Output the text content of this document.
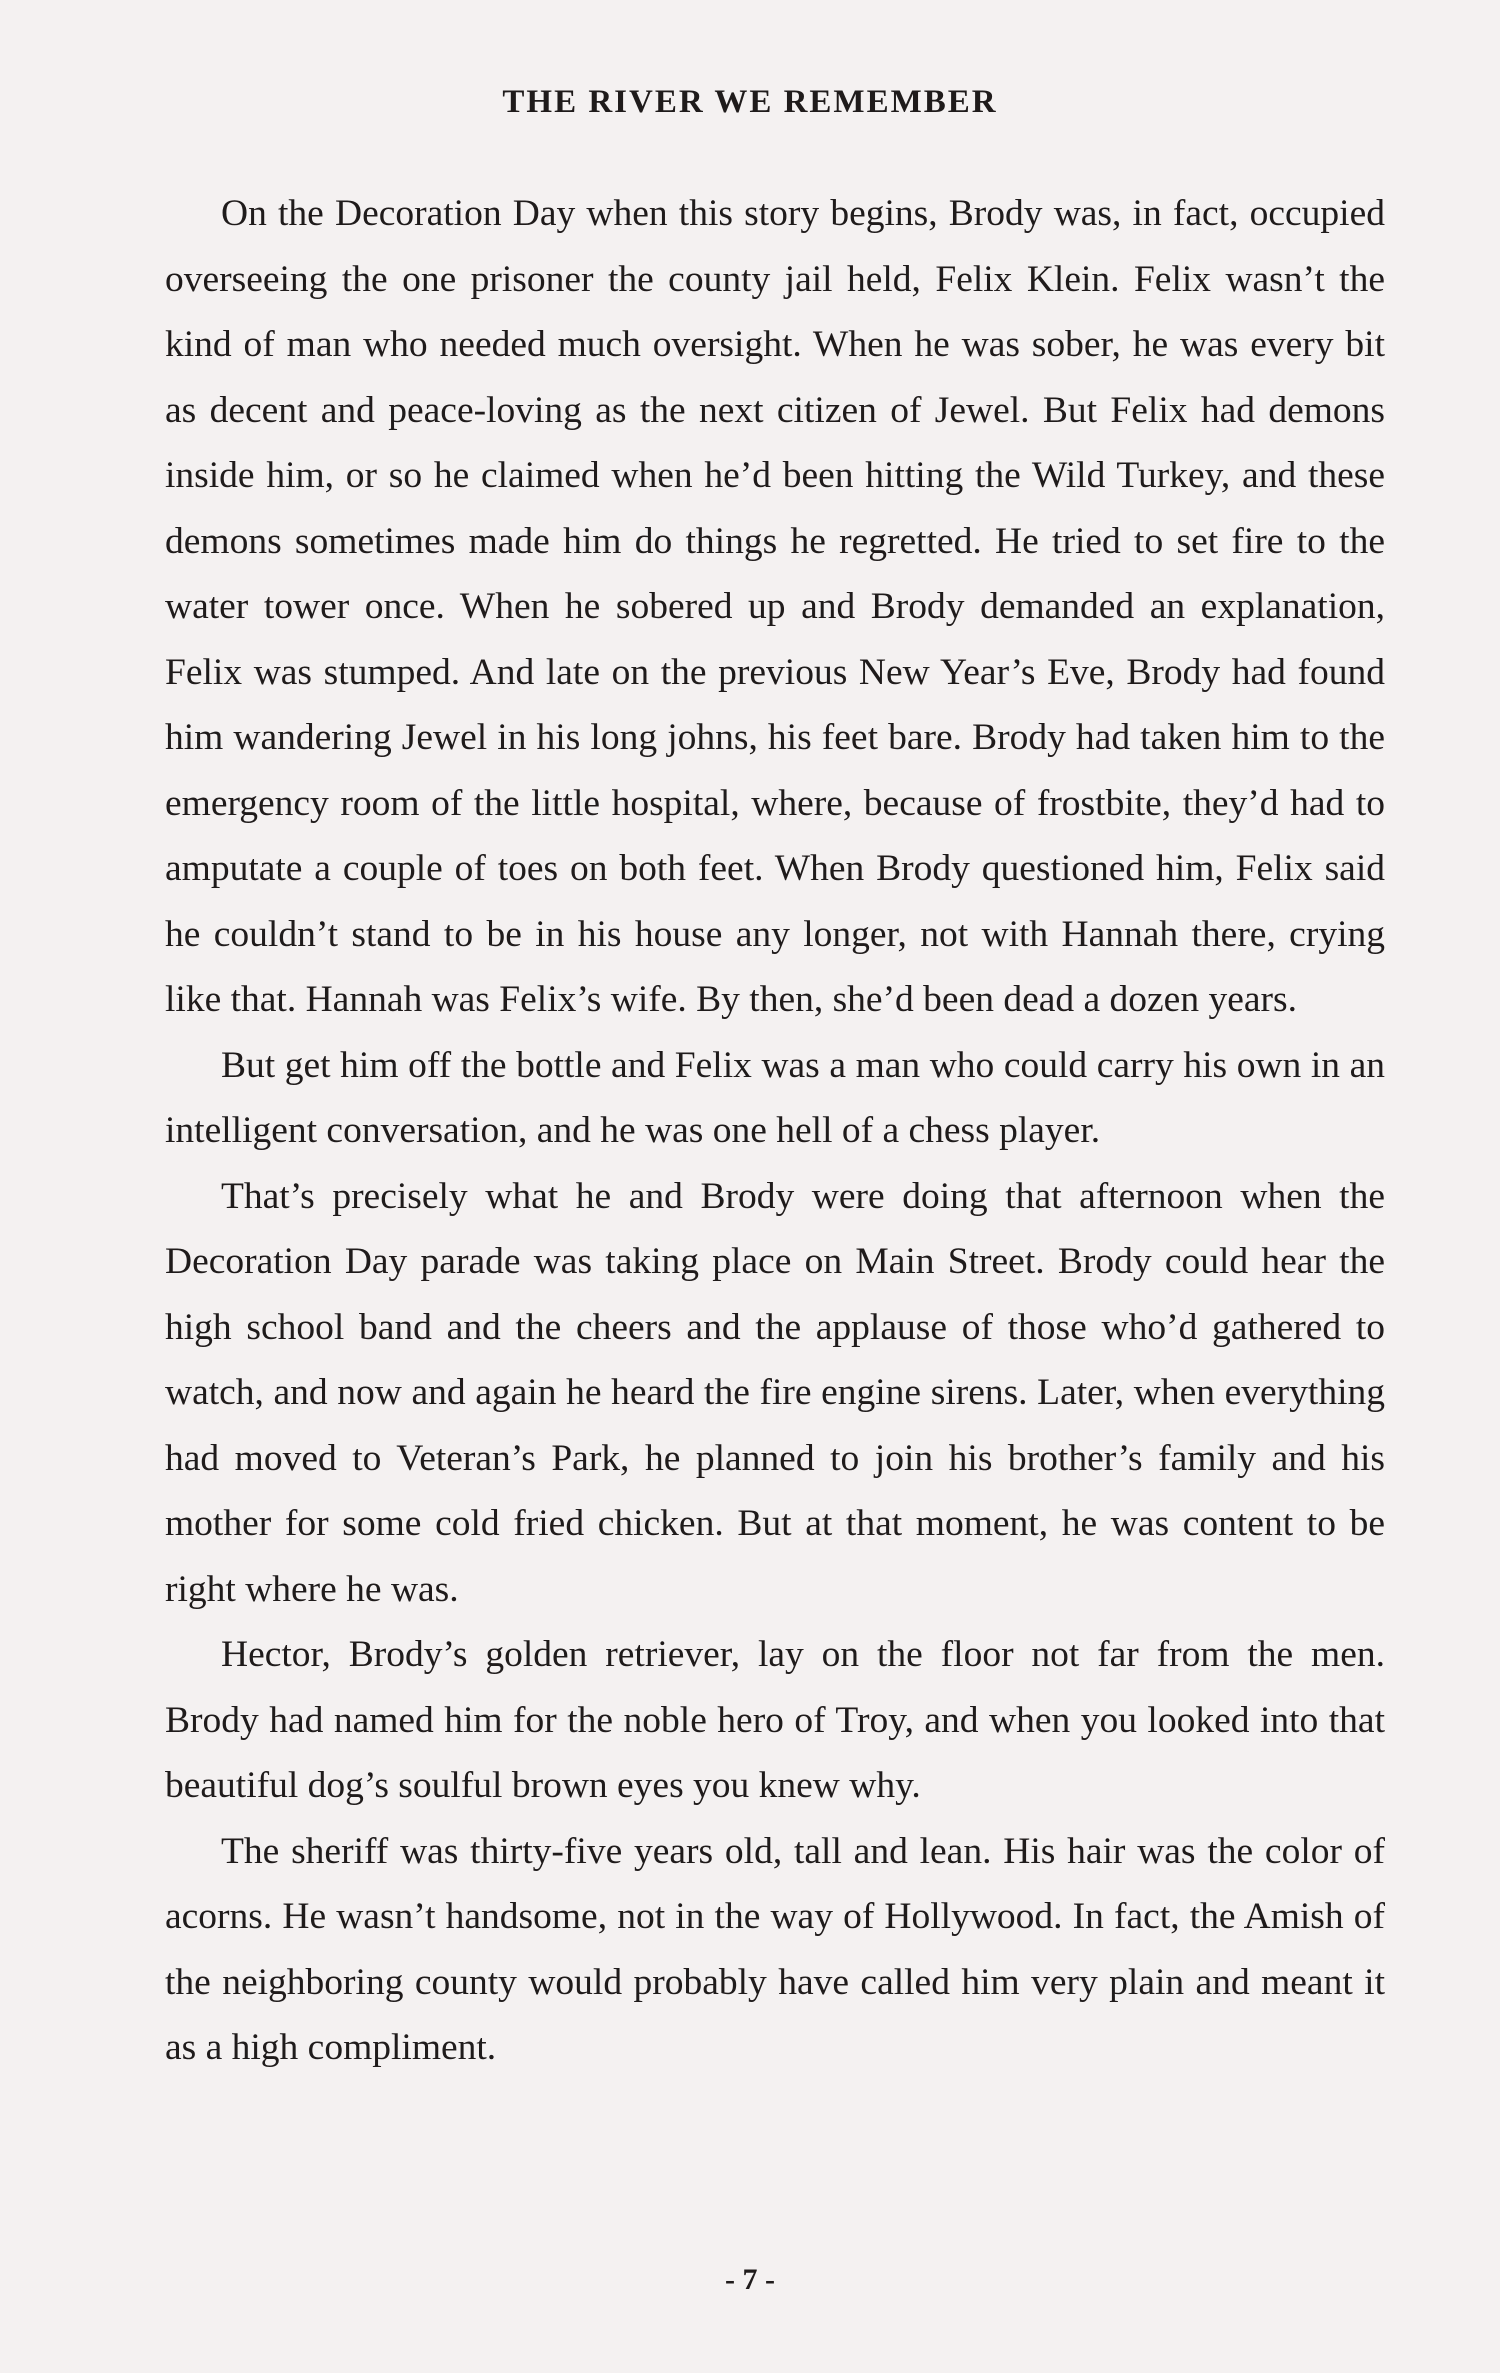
THE RIVER WE REMEMBER

On the Decoration Day when this story begins, Brody was, in fact, occupied overseeing the one prisoner the county jail held, Felix Klein. Felix wasn’t the kind of man who needed much oversight. When he was sober, he was every bit as decent and peace-loving as the next citizen of Jewel. But Felix had demons inside him, or so he claimed when he’d been hitting the Wild Turkey, and these demons sometimes made him do things he regretted. He tried to set fire to the water tower once. When he sobered up and Brody demanded an explanation, Felix was stumped. And late on the previous New Year’s Eve, Brody had found him wandering Jewel in his long johns, his feet bare. Brody had taken him to the emergency room of the little hospital, where, because of frostbite, they’d had to amputate a couple of toes on both feet. When Brody questioned him, Felix said he couldn’t stand to be in his house any longer, not with Hannah there, crying like that. Hannah was Felix’s wife. By then, she’d been dead a dozen years.

But get him off the bottle and Felix was a man who could carry his own in an intelligent conversation, and he was one hell of a chess player.

That’s precisely what he and Brody were doing that afternoon when the Decoration Day parade was taking place on Main Street. Brody could hear the high school band and the cheers and the applause of those who’d gathered to watch, and now and again he heard the fire engine sirens. Later, when everything had moved to Veteran’s Park, he planned to join his brother’s family and his mother for some cold fried chicken. But at that moment, he was content to be right where he was.

Hector, Brody’s golden retriever, lay on the floor not far from the men. Brody had named him for the noble hero of Troy, and when you looked into that beautiful dog’s soulful brown eyes you knew why.

The sheriff was thirty-five years old, tall and lean. His hair was the color of acorns. He wasn’t handsome, not in the way of Hollywood. In fact, the Amish of the neighboring county would probably have called him very plain and meant it as a high compliment.

- 7 -
